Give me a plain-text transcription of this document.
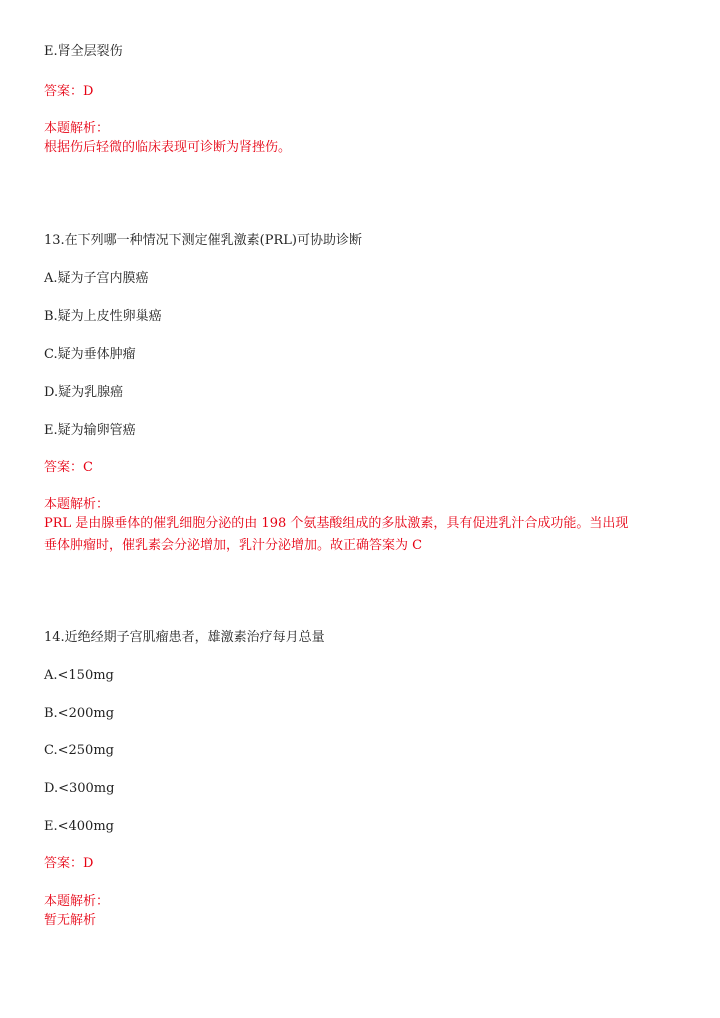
E.肾全层裂伤
答案：D
本题解析：
根据伤后轻微的临床表现可诊断为肾挫伤。
13.在下列哪一种情况下测定催乳激素(PRL)可协助诊断
A.疑为子宫内膜癌
B.疑为上皮性卵巢癌
C.疑为垂体肿瘤
D.疑为乳腺癌
E.疑为输卵管癌
答案：C
本题解析：
PRL 是由腺垂体的催乳细胞分泌的由 198 个氨基酸组成的多肽激素，具有促进乳汁合成功能。当出现
垂体肿瘤时，催乳素会分泌增加，乳汁分泌增加。故正确答案为 C
14.近绝经期子宫肌瘤患者，雄激素治疗每月总量
A.<150mg
B.<200mg
C.<250mg
D.<300mg
E.<400mg
答案：D
本题解析：
暂无解析
